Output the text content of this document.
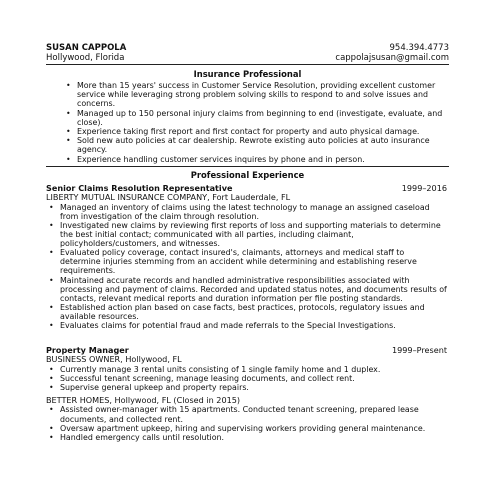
SUSAN CAPPOLA
Hollywood, Florida
954.394.4773
cappolajsusan@gmail.com
Insurance Professional
• More than 15 years' success in Customer Service Resolution, providing excellent customer service while leveraging strong problem solving skills to respond to and solve issues and concerns.
• Managed up to 150 personal injury claims from beginning to end (investigate, evaluate, and close).
• Experience taking first report and first contact for property and auto physical damage.
• Sold new auto policies at car dealership. Rewrote existing auto policies at auto insurance agency.
• Experience handling customer services inquires by phone and in person.
Professional Experience
Senior Claims Resolution Representative	1999–2016
LIBERTY MUTUAL INSURANCE COMPANY, Fort Lauderdale, FL
• Managed an inventory of claims using the latest technology to manage an assigned caseload from investigation of the claim through resolution.
• Investigated new claims by reviewing first reports of loss and supporting materials to determine the best initial contact; communicated with all parties, including claimant, policyholders/customers, and witnesses.
• Evaluated policy coverage, contact insured's, claimants, attorneys and medical staff to determine injuries stemming from an accident while determining and establishing reserve requirements.
• Maintained accurate records and handled administrative responsibilities associated with processing and payment of claims. Recorded and updated status notes, and documents results of contacts, relevant medical reports and duration information per file posting standards.
• Established action plan based on case facts, best practices, protocols, regulatory issues and available resources.
• Evaluates claims for potential fraud and made referrals to the Special Investigations.
Property Manager	1999–Present
BUSINESS OWNER, Hollywood, FL
• Currently manage 3 rental units consisting of 1 single family home and 1 duplex.
• Successful tenant screening, manage leasing documents, and collect rent.
• Supervise general upkeep and property repairs.
BETTER HOMES, Hollywood, FL (Closed in 2015)
• Assisted owner-manager with 15 apartments. Conducted tenant screening, prepared lease documents, and collected rent.
• Oversaw apartment upkeep, hiring and supervising workers providing general maintenance.
• Handled emergency calls until resolution.
